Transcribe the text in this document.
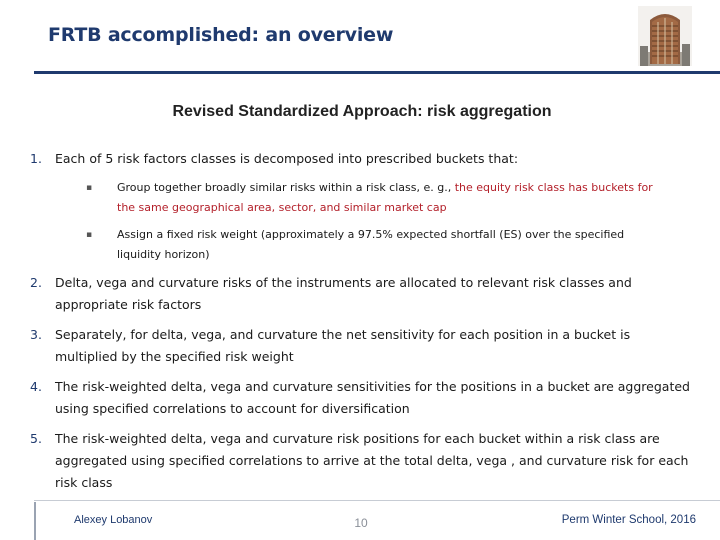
FRTB accomplished: an overview
Revised Standardized Approach: risk aggregation
1.	Each of 5 risk factors classes is decomposed into prescribed buckets that:
▪	Group together broadly similar risks within a risk class, e. g., the equity risk class has buckets for the same geographical area, sector, and similar market cap
▪	Assign a fixed risk weight (approximately a 97.5% expected shortfall (ES) over the specified liquidity horizon)
2.	Delta, vega and curvature risks of the instruments are allocated to relevant risk classes and appropriate risk factors
3.	Separately, for delta, vega, and curvature the net sensitivity for each position in a bucket is multiplied by the specified risk weight
4.	The risk-weighted delta, vega and curvature sensitivities for the positions in a bucket are aggregated using specified correlations to account for diversification
5.	The risk-weighted delta, vega and curvature risk positions for each bucket within a risk class are aggregated using specified correlations to arrive at the total delta, vega , and curvature risk for each risk class
Alexey Lobanov	10	Perm Winter School, 2016
